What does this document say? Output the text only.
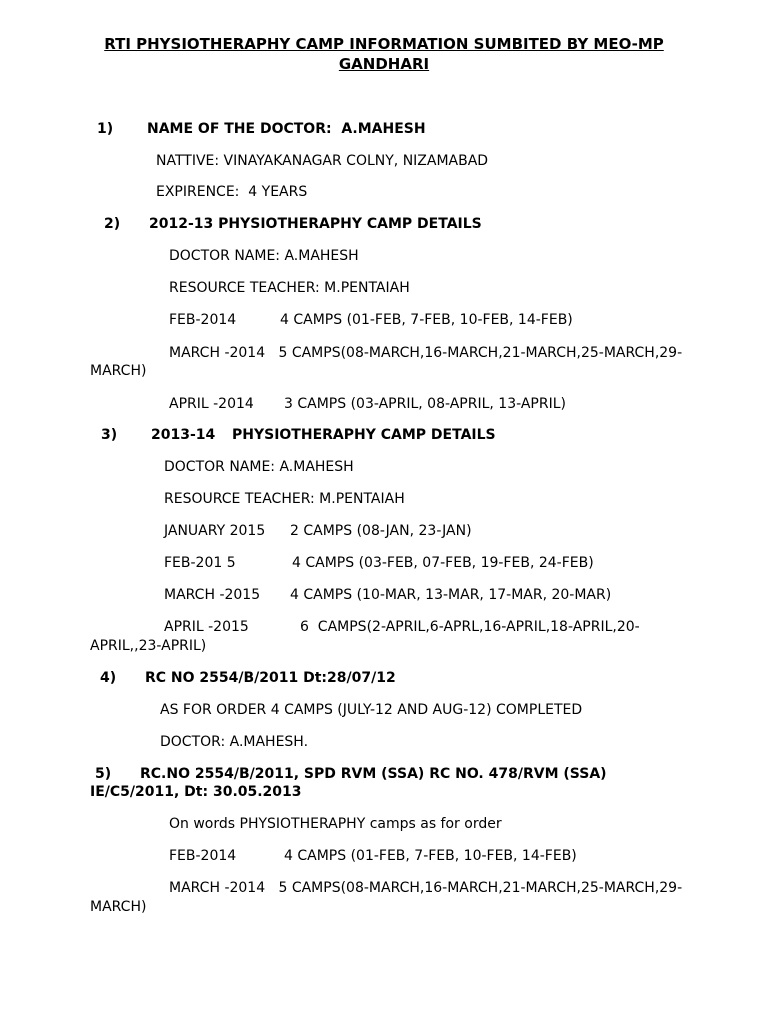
RTI PHYSIOTHERAPHY CAMP INFORMATION SUMBITED BY MEO-MP
GANDHARI
1) NAME OF THE DOCTOR:  A.MAHESH
NATTIVE: VINAYAKANAGAR COLNY, NIZAMABAD
EXPIRENCE:  4 YEARS
2) 2012-13 PHYSIOTHERAPHY CAMP DETAILS
DOCTOR NAME: A.MAHESH
RESOURCE TEACHER: M.PENTAIAH
FEB-2014	4 CAMPS (01-FEB, 7-FEB, 10-FEB, 14-FEB)
MARCH -2014   5 CAMPS(08-MARCH,16-MARCH,21-MARCH,25-MARCH,29-
MARCH)
APRIL -2014 3 CAMPS (03-APRIL, 08-APRIL, 13-APRIL)
3) 2013-14 PHYSIOTHERAPHY CAMP DETAILS
DOCTOR NAME: A.MAHESH
RESOURCE TEACHER: M.PENTAIAH
JANUARY 2015 2 CAMPS (08-JAN, 23-JAN)
FEB-201 5	4 CAMPS (03-FEB, 07-FEB, 19-FEB, 24-FEB)
MARCH -2015 4 CAMPS (10-MAR, 13-MAR, 17-MAR, 20-MAR)
APRIL -2015	6  CAMPS(2-APRIL,6-APRL,16-APRIL,18-APRIL,20-
APRIL,,23-APRIL)
4) RC NO 2554/B/2011 Dt:28/07/12
AS FOR ORDER 4 CAMPS (JULY-12 AND AUG-12) COMPLETED
DOCTOR: A.MAHESH.
5) RC.NO 2554/B/2011, SPD RVM (SSA) RC NO. 478/RVM (SSA)
IE/C5/2011, Dt: 30.05.2013
On words PHYSIOTHERAPHY camps as for order
FEB-2014	4 CAMPS (01-FEB, 7-FEB, 10-FEB, 14-FEB)
MARCH -2014   5 CAMPS(08-MARCH,16-MARCH,21-MARCH,25-MARCH,29-
MARCH)
